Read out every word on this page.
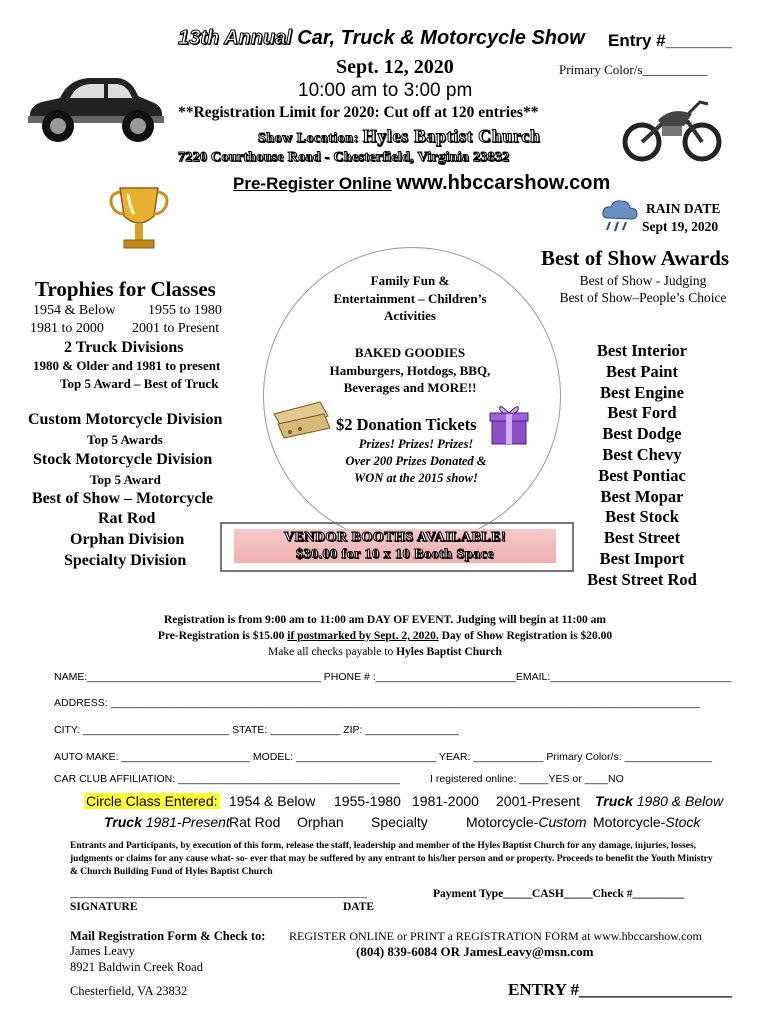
13th Annual Car, Truck & Motorcycle Show Entry #_______
Sept. 12, 2020	Primary Color/s__________
10:00 am to 3:00 pm
**Registration Limit for 2020: Cut off at 120 entries**
Show Location: Hyles Baptist Church
7220 Courthouse Road - Chesterfield, Virginia 23832
Pre-Register Online www.hbccarshow.com
RAIN DATE
Sept 19, 2020
Trophies for Classes
1954 & Below 1955 to 1980
1981 to 2000 2001 to Present
2 Truck Divisions
1980 & Older and 1981 to present
Top 5 Award – Best of Truck
Custom Motorcycle Division
Top 5 Awards
Stock Motorcycle Division
Top 5 Award
Best of Show – Motorcycle
Rat Rod
Orphan Division
Specialty Division
Family Fun &
Entertainment – Children’s
Activities
BAKED GOODIES
Hamburgers, Hotdogs, BBQ,
Beverages and MORE!!
$2 Donation Tickets
Prizes! Prizes! Prizes!
Over 200 Prizes Donated &
WON at the 2015 show!
VENDOR BOOTHS AVAILABLE!
$30.00 for 10 x 10 Booth Space
Best of Show Awards
Best of Show - Judging
Best of Show–People’s Choice
Best Interior
Best Paint
Best Engine
Best Ford
Best Dodge
Best Chevy
Best Pontiac
Best Mopar
Best Stock
Best Street
Best Import
Best Street Rod
Registration is from 9:00 am to 11:00 am DAY OF EVENT. Judging will begin at 11:00 am
Pre-Registration is $15.00 if postmarked by Sept. 2, 2020. Day of Show Registration is $20.00
Make all checks payable to Hyles Baptist Church
NAME:________________________________________ PHONE # :________________________EMAIL:_______________________________
ADDRESS: _____________________________________________________________________________________________________
CITY: _________________________ STATE: ____________ ZIP: ________________
AUTO MAKE: ______________________ MODEL: ________________________ YEAR: ____________ Primary Color/s: _______________
CAR CLUB AFFILIATION: ______________________________________	I registered online: _____YES or ____NO
Circle Class Entered: 1954 & Below 1955-1980 1981-2000 2001-Present Truck 1980 & Below
Truck 1981-Present Rat Rod Orphan Specialty	Motorcycle-Custom Motorcycle-Stock
Entrants and Participants, by execution of this form, release the staff, leadership and member of the Hyles Baptist Church for any damage, injuries, losses, judgments or claims for any cause what- so- ever that may be suffered by any entrant to his/her person and or property. Proceeds to benefit the Youth Ministry & Church Building Fund of Hyles Baptist Church
______________________________________________________
SIGNATURE	DATE
Payment Type_____CASH_____Check #_________
Mail Registration Form & Check to:
James Leavy
8921 Baldwin Creek Road
Chesterfield, VA 23832
REGISTER ONLINE or PRINT a REGISTRATION FORM at www.hbccarshow.com
(804) 839-6084 OR JamesLeavy@msn.com
ENTRY #__________________
